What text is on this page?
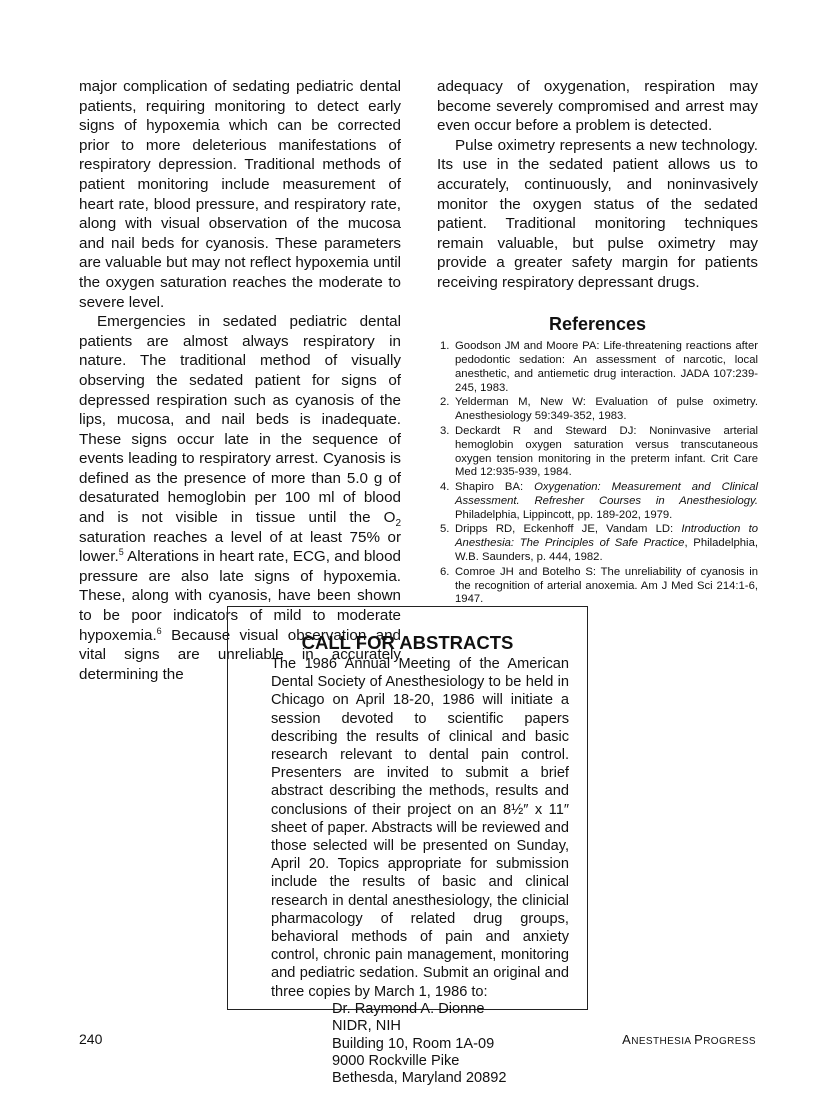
major complication of sedating pediatric dental patients, requiring monitoring to detect early signs of hypoxemia which can be corrected prior to more deleterious manifestations of respiratory depression. Traditional methods of patient monitoring include measurement of heart rate, blood pressure, and respiratory rate, along with visual observation of the mucosa and nail beds for cyanosis. These parameters are valuable but may not reflect hypoxemia until the oxygen saturation reaches the moderate to severe level.

Emergencies in sedated pediatric dental patients are almost always respiratory in nature. The traditional method of visually observing the sedated patient for signs of depressed respiration such as cyanosis of the lips, mucosa, and nail beds is inadequate. These signs occur late in the sequence of events leading to respiratory arrest. Cyanosis is defined as the presence of more than 5.0 g of desaturated hemoglobin per 100 ml of blood and is not visible in tissue until the $O_2$ saturation reaches a level of at least 75% or lower.$^5$ Alterations in heart rate, ECG, and blood pressure are also late signs of hypoxemia. These, along with cyanosis, have been shown to be poor indicators of mild to moderate hypoxemia.$^6$ Because visual observation and vital signs are unreliable in accurately determining the

adequacy of oxygenation, respiration may become severely compromised and arrest may even occur before a problem is detected.

Pulse oximetry represents a new technology. Its use in the sedated patient allows us to accurately, continuously, and noninvasively monitor the oxygen status of the sedated patient. Traditional monitoring techniques remain valuable, but pulse oximetry may provide a greater safety margin for patients receiving respiratory depressant drugs.

References
1. Goodson JM and Moore PA: Life-threatening reactions after pedodontic sedation: An assessment of narcotic, local anesthetic, and antiemetic drug interaction. JADA 107:239-245, 1983.
2. Yelderman M, New W: Evaluation of pulse oximetry. Anesthesiology 59:349-352, 1983.
3. Deckardt R and Steward DJ: Noninvasive arterial hemoglobin oxygen saturation versus transcutaneous oxygen tension monitoring in the preterm infant. Crit Care Med 12:935-939, 1984.
4. Shapiro BA: Oxygenation: Measurement and Clinical Assessment. Refresher Courses in Anesthesiology. Philadelphia, Lippincott, pp. 189-202, 1979.
5. Dripps RD, Eckenhoff JE, Vandam LD: Introduction to Anesthesia: The Principles of Safe Practice, Philadelphia, W.B. Saunders, p. 444, 1982.
6. Comroe JH and Botelho S: The unreliability of cyanosis in the recognition of arterial anoxemia. Am J Med Sci 214:1-6, 1947.
CALL FOR ABSTRACTS

The 1986 Annual Meeting of the American Dental Society of Anesthesiology to be held in Chicago on April 18-20, 1986 will initiate a session devoted to scientific papers describing the results of clinical and basic research relevant to dental pain control. Presenters are invited to submit a brief abstract describing the methods, results and conclusions of their project on an 8½″ x 11″ sheet of paper. Abstracts will be reviewed and those selected will be presented on Sunday, April 20. Topics appropriate for submission include the results of basic and clinical research in dental anesthesiology, the clinicial pharmacology of related drug groups, behavioral methods of pain and anxiety control, chronic pain management, monitoring and pediatric sedation. Submit an original and three copies by March 1, 1986 to:

Dr. Raymond A. Dionne
NIDR, NIH
Building 10, Room 1A-09
9000 Rockville Pike
Bethesda, Maryland 20892
240	ANESTHESIA PROGRESS
